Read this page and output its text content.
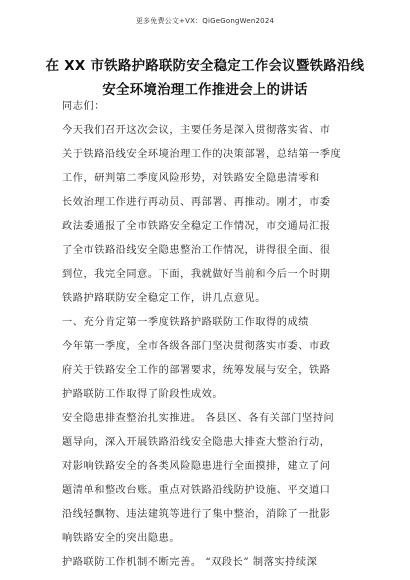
更多免费公文+VX：QiGeGongWen2024
在 XX 市铁路护路联防安全稳定工作会议暨铁路沿线
安全环境治理工作推进会上的讲话
同志们：
今天我们召开这次会议，主要任务是深入贯彻落实省、市
关于铁路沿线安全环境治理工作的决策部署，总结第一季度
工作，研判第二季度风险形势，对铁路安全隐患清零和
长效治理工作进行再动员、再部署、再推动。刚才，市委
政法委通报了全市铁路安全稳定工作情况，市交通局汇报
了全市铁路沿线安全隐患整治工作情况，讲得很全面、很
到位，我完全同意。下面，我就做好当前和今后一个时期
铁路护路联防安全稳定工作，讲几点意见。
一、充分肯定第一季度铁路护路联防工作取得的成绩
今年第一季度，全市各级各部门坚决贯彻落实市委、市政
府关于铁路安全工作的部署要求，统筹发展与安全，铁路
护路联防工作取得了阶段性成效。
安全隐患排查整治扎实推进。 各县区、各有关部门坚持问
题导向，深入开展铁路沿线安全隐患大排查大整治行动，
对影响铁路安全的各类风险隐患进行全面摸排，建立了问
题清单和整改台账。重点对铁路沿线防护设施、平交道口
沿线轻飘物、违法建筑等进行了集中整治，消除了一批影
响铁路安全的突出隐患。
护路联防工作机制不断完善。 “双段长” 制落实持续深
